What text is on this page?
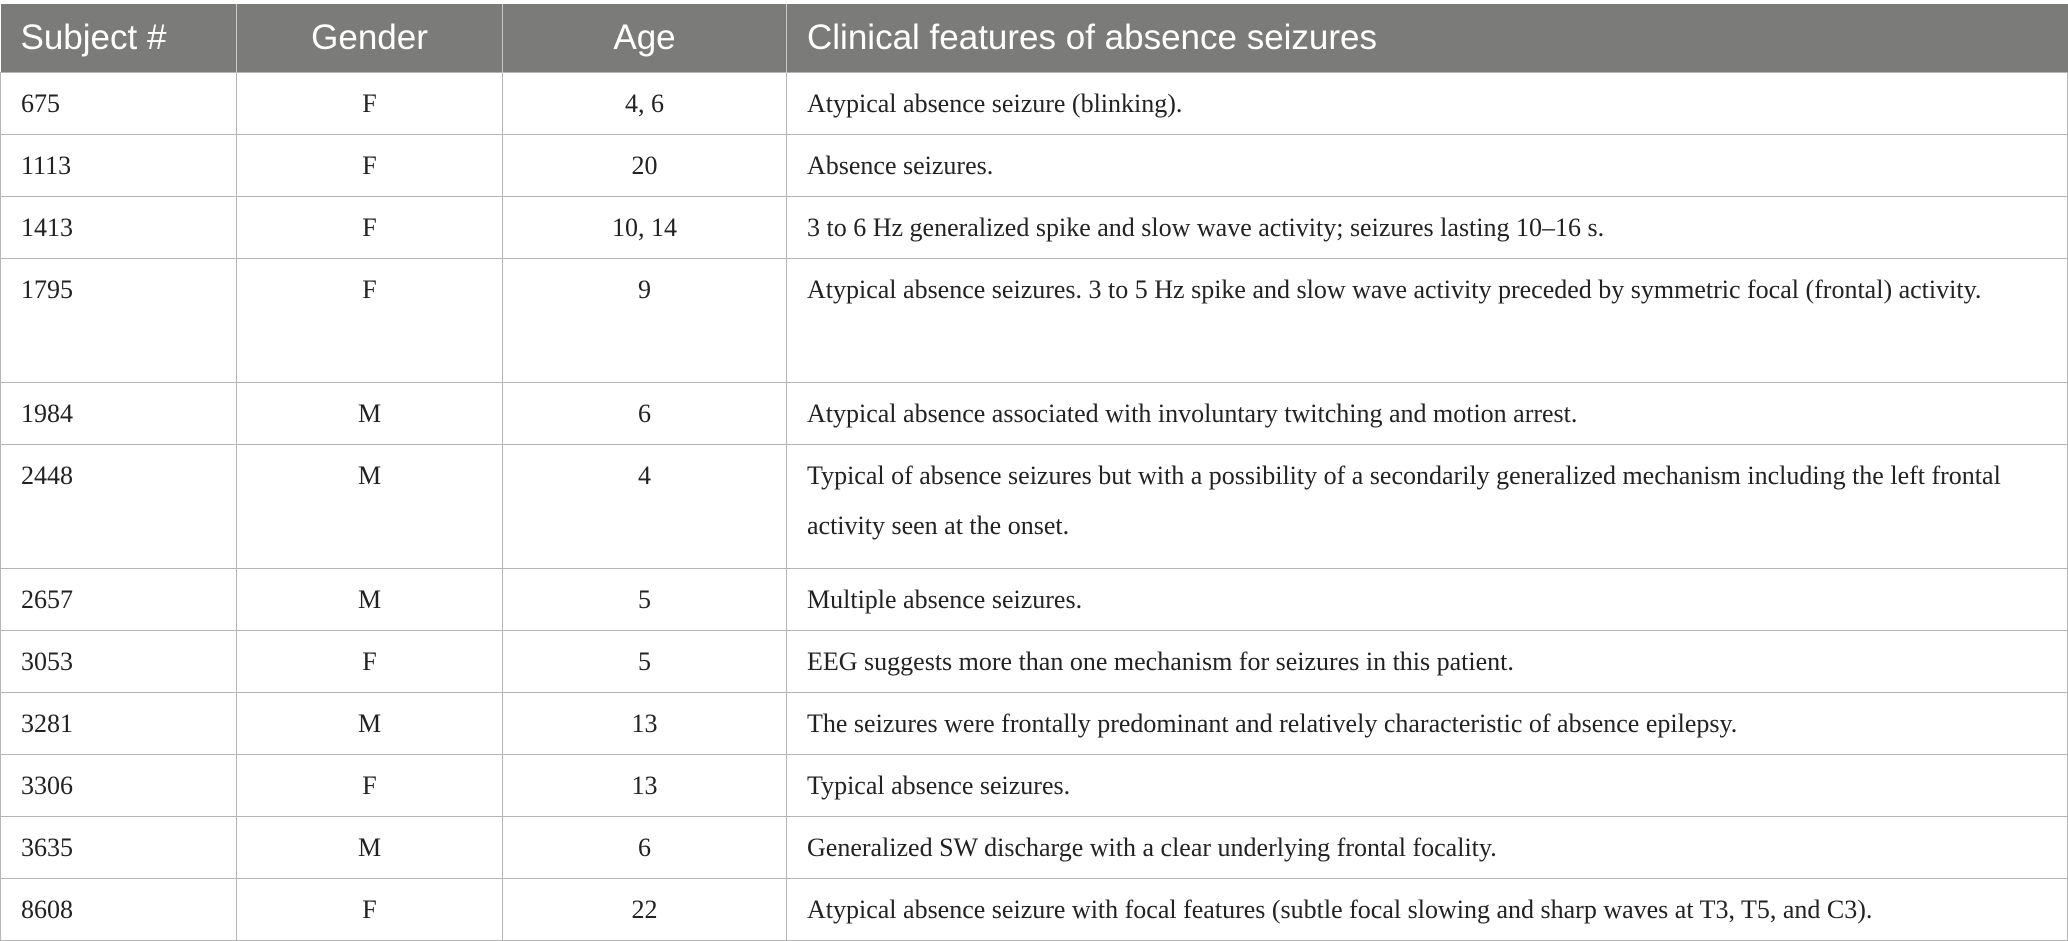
Subject #	Gender	Age	Clinical features of absence seizures
675	F	4, 6	Atypical absence seizure (blinking).
1113	F	20	Absence seizures.
1413	F	10, 14	3 to 6 Hz generalized spike and slow wave activity; seizures lasting 10–16 s.
1795	F	9	Atypical absence seizures. 3 to 5 Hz spike and slow wave activity preceded by symmetric focal (frontal) activity.
1984	M	6	Atypical absence associated with involuntary twitching and motion arrest.
2448	M	4	Typical of absence seizures but with a possibility of a secondarily generalized mechanism including the left frontal activity seen at the onset.
2657	M	5	Multiple absence seizures.
3053	F	5	EEG suggests more than one mechanism for seizures in this patient.
3281	M	13	The seizures were frontally predominant and relatively characteristic of absence epilepsy.
3306	F	13	Typical absence seizures.
3635	M	6	Generalized SW discharge with a clear underlying frontal focality.
8608	F	22	Atypical absence seizure with focal features (subtle focal slowing and sharp waves at T3, T5, and C3).
